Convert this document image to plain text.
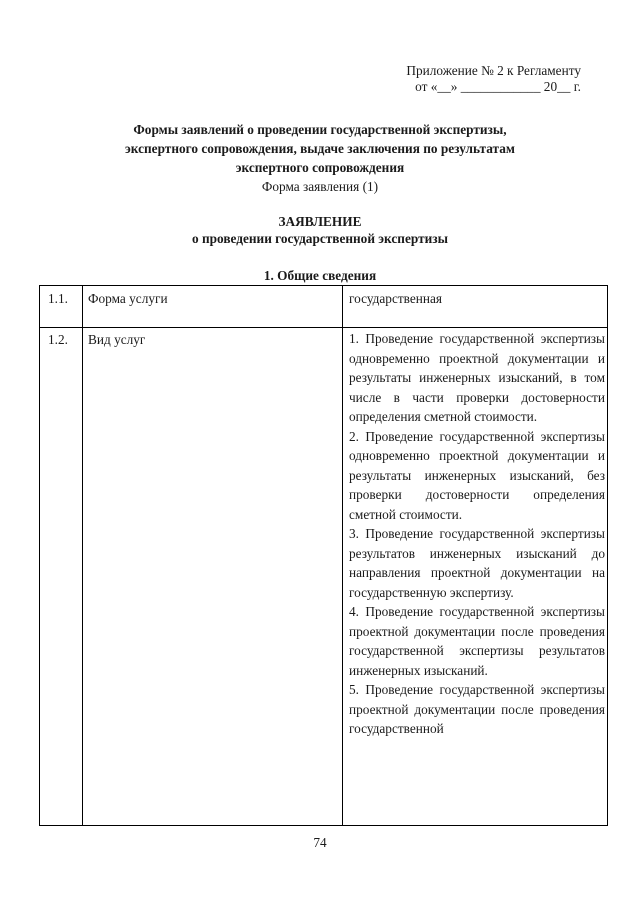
Приложение № 2 к Регламенту
от «__» ____________ 20__ г.
Формы заявлений о проведении государственной экспертизы,
экспертного сопровождения, выдаче заключения по результатам
экспертного сопровождения
Форма заявления (1)
ЗАЯВЛЕНИЕ
о проведении государственной экспертизы
1. Общие сведения
1.1. Форма услуги	государственная
1.2. Вид услуг	1. Проведение государственной экспертизы одновременно проектной документации и результаты инженерных изысканий, в том числе в части проверки достоверности определения сметной стоимости.

2. Проведение государственной экспертизы одновременно проектной документации и результаты инженерных изысканий, без проверки достоверности определения сметной стоимости.

3. Проведение государственной экспертизы результатов инженерных изысканий до направления проектной документации на государственную экспертизу.

4. Проведение государственной экспертизы проектной документации после проведения государственной экспертизы результатов инженерных изысканий.

5. Проведение государственной экспертизы проектной документации после проведения государственной

74
